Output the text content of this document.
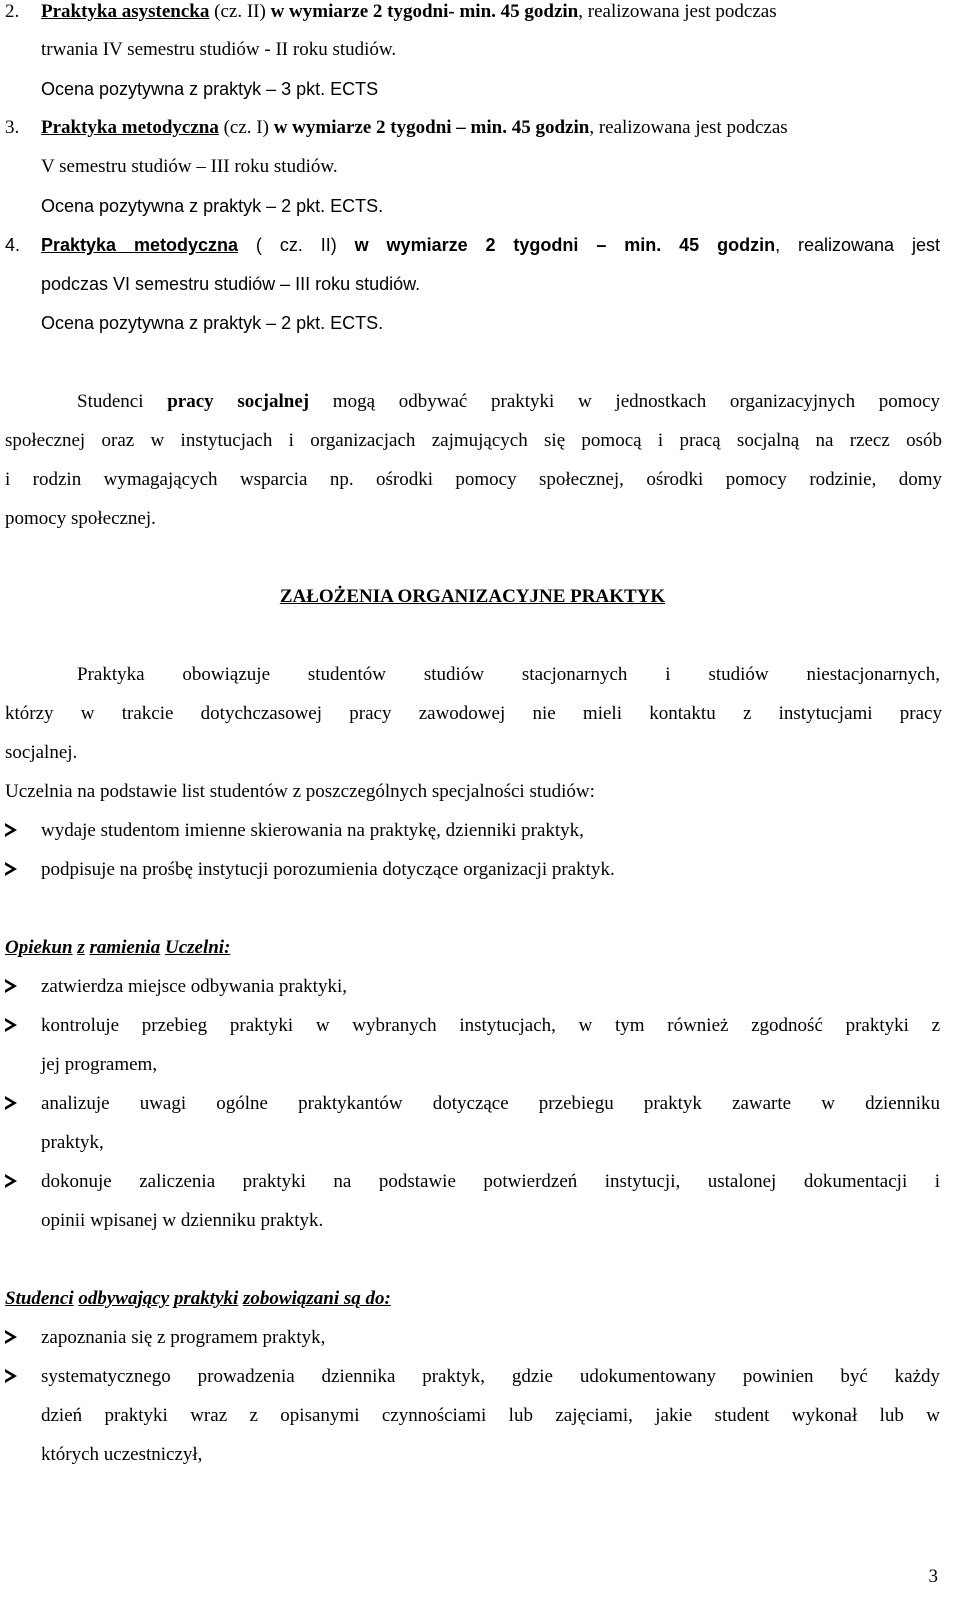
2. Praktyka asystencka (cz. II) w wymiarze 2 tygodni- min. 45 godzin, realizowana jest podczas
trwania IV semestru studiów - II roku studiów.
Ocena pozytywna z praktyk – 3 pkt. ECTS
3. Praktyka metodyczna (cz. I) w wymiarze 2 tygodni – min. 45 godzin, realizowana jest podczas
V semestru studiów – III roku studiów.
Ocena pozytywna z praktyk – 2 pkt. ECTS.
4. Praktyka metodyczna ( cz. II) w wymiarze 2 tygodni – min. 45 godzin, realizowana jest
podczas VI semestru studiów – III roku studiów.
Ocena pozytywna z praktyk – 2 pkt. ECTS.
Studenci pracy socjalnej mogą odbywać praktyki w jednostkach organizacyjnych pomocy
społecznej oraz w instytucjach i organizacjach zajmujących się pomocą i pracą socjalną na rzecz osób
i rodzin wymagających wsparcia np. ośrodki pomocy społecznej, ośrodki pomocy rodzinie, domy
pomocy społecznej.
ZAŁOŻENIA ORGANIZACYJNE PRAKTYK
Praktyka obowiązuje studentów studiów stacjonarnych i studiów niestacjonarnych,
którzy w trakcie dotychczasowej pracy zawodowej nie mieli kontaktu z instytucjami pracy
socjalnej.
Uczelnia na podstawie list studentów z poszczególnych specjalności studiów:
wydaje studentom imienne skierowania na praktykę, dzienniki praktyk,
podpisuje na prośbę instytucji porozumienia dotyczące organizacji praktyk.
Opiekun z ramienia Uczelni:
zatwierdza miejsce odbywania praktyki,
kontroluje przebieg praktyki w wybranych instytucjach, w tym również zgodność praktyki z
jej programem,
analizuje uwagi ogólne praktykantów dotyczące przebiegu praktyk zawarte w dzienniku
praktyk,
dokonuje zaliczenia praktyki na podstawie potwierdzeń instytucji, ustalonej dokumentacji i
opinii wpisanej w dzienniku praktyk.
Studenci odbywający praktyki zobowiązani są do:
zapoznania się z programem praktyk,
systematycznego prowadzenia dziennika praktyk, gdzie udokumentowany powinien być każdy
dzień praktyki wraz z opisanymi czynnościami lub zajęciami, jakie student wykonał lub w
których uczestniczył,
3
